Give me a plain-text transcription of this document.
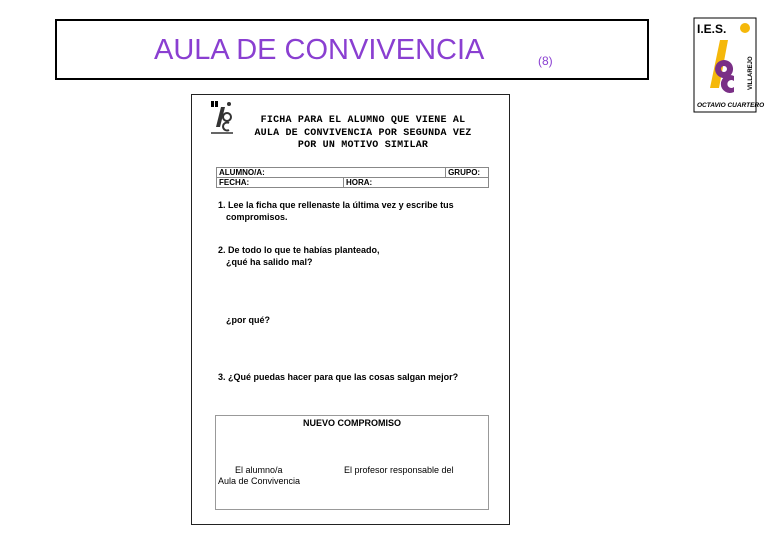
AULA DE CONVIVENCIA	(8)
I.E.S.
VILLAREJO
OCTAVIO CUARTERO
FICHA PARA EL ALUMNO QUE VIENE AL
AULA DE CONVIVENCIA POR SEGUNDA VEZ
POR UN MOTIVO SIMILAR
ALUMNO/A:		GRUPO:
FECHA:	HORA:	
1. Lee la ficha que rellenaste la última vez y escribe tus
compromisos.
2. De todo lo que te habías planteado,
¿qué ha salido mal?
¿por qué?
3. ¿Qué puedas hacer para que las cosas salgan mejor?
NUEVO COMPROMISO
El alumno/a
Aula de Convivencia
El profesor responsable del
